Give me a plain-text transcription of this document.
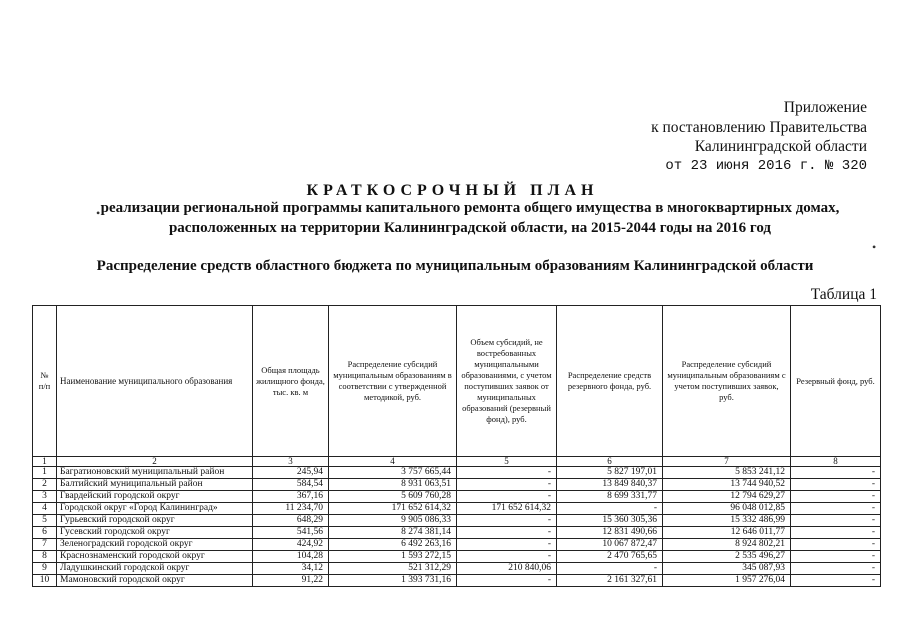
Приложение
к постановлению Правительства
Калининградской области
от 23 июня 2016 г. № 320
КРАТКОСРОЧНЫЙ ПЛАН
реализации региональной программы капитального ремонта общего имущества в многоквартирных домах,
расположенных на территории Калининградской области, на 2015-2044 годы на 2016 год
Распределение средств областного бюджета по муниципальным образованиям Калининградской области
Таблица 1
•
•
№ п/п	Наименование муниципального образования	Общая площадь жилищного фонда, тыс. кв. м	Распределение субсидий муниципальным образованиям в соответствии с утвержденной методикой, руб.	Объем субсидий, не востребованных муниципальными образованиями, с учетом поступивших заявок от муниципальных образований (резервный фонд), руб.	Распределение средств резервного фонда, руб.	Распределение субсидий муниципальным образованиям с учетом поступивших заявок, руб.	Резервный фонд, руб.
1	2	3	4	5	6	7	8
1	Багратионовский муниципальный район	245,94	3 757 665,44	-	5 827 197,01	5 853 241,12	-
2	Балтийский муниципальный район	584,54	8 931 063,51	-	13 849 840,37	13 744 940,52	-
3	Гвардейский городской округ	367,16	5 609 760,28	-	8 699 331,77	12 794 629,27	-
4	Городской округ «Город Калининград»	11 234,70	171 652 614,32	171 652 614,32	-	96 048 012,85	-
5	Гурьевский городской округ	648,29	9 905 086,33	-	15 360 305,36	15 332 486,99	-
6	Гусевский городской округ	541,56	8 274 381,14	-	12 831 490,66	12 646 011,77	-
7	Зеленоградский городской округ	424,92	6 492 263,16	-	10 067 872,47	8 924 802,21	-
8	Краснознаменский городской округ	104,28	1 593 272,15	-	2 470 765,65	2 535 496,27	-
9	Ладушкинский городской округ	34,12	521 312,29	210 840,06	-	345 087,93	-
10	Мамоновский городской округ	91,22	1 393 731,16	-	2 161 327,61	1 957 276,04	-
